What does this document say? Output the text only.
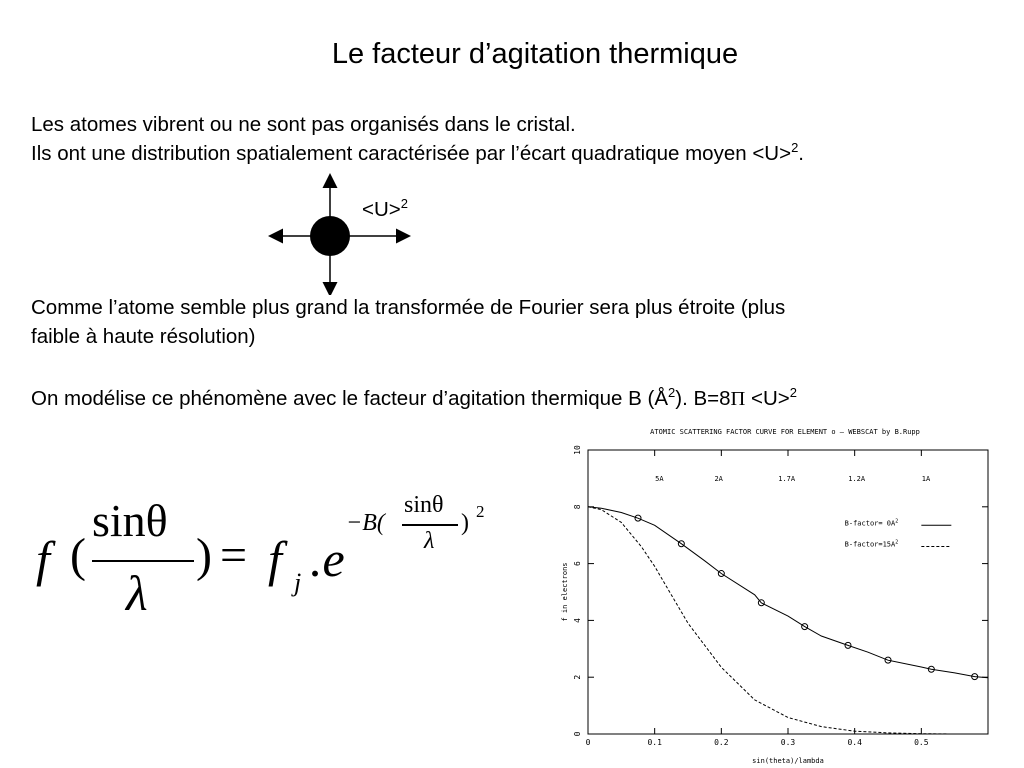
Le facteur d’agitation thermique
Les atomes vibrent ou ne sont pas organisés dans le cristal.
Ils ont une distribution spatialement caractérisée par l’écart quadratique moyen <U>$^2$.
<U>$^2$
Comme l’atome semble plus grand la transformée de Fourier sera plus étroite (plus
faible à haute résolution)
On modélise ce phénomène avec le facteur d’agitation thermique B $(Å^2)$. B=8Π <U>$^2$
f (
sinθ
λ
) = f j .e
−B(
sinθ
λ
) 2
ATOMIC SCATTERING FACTOR CURVE FOR ELEMENT o — WEBSCAT by B.Rupp
0	0.1	0.2	0.3	0.4	0.5
0
2
4
6
8
10
5A	2A	1.7A	1.2A	1A
B-factor= $0A^2$
$B-factor=15A^2$
sin(theta)/lambda
f in electrons
